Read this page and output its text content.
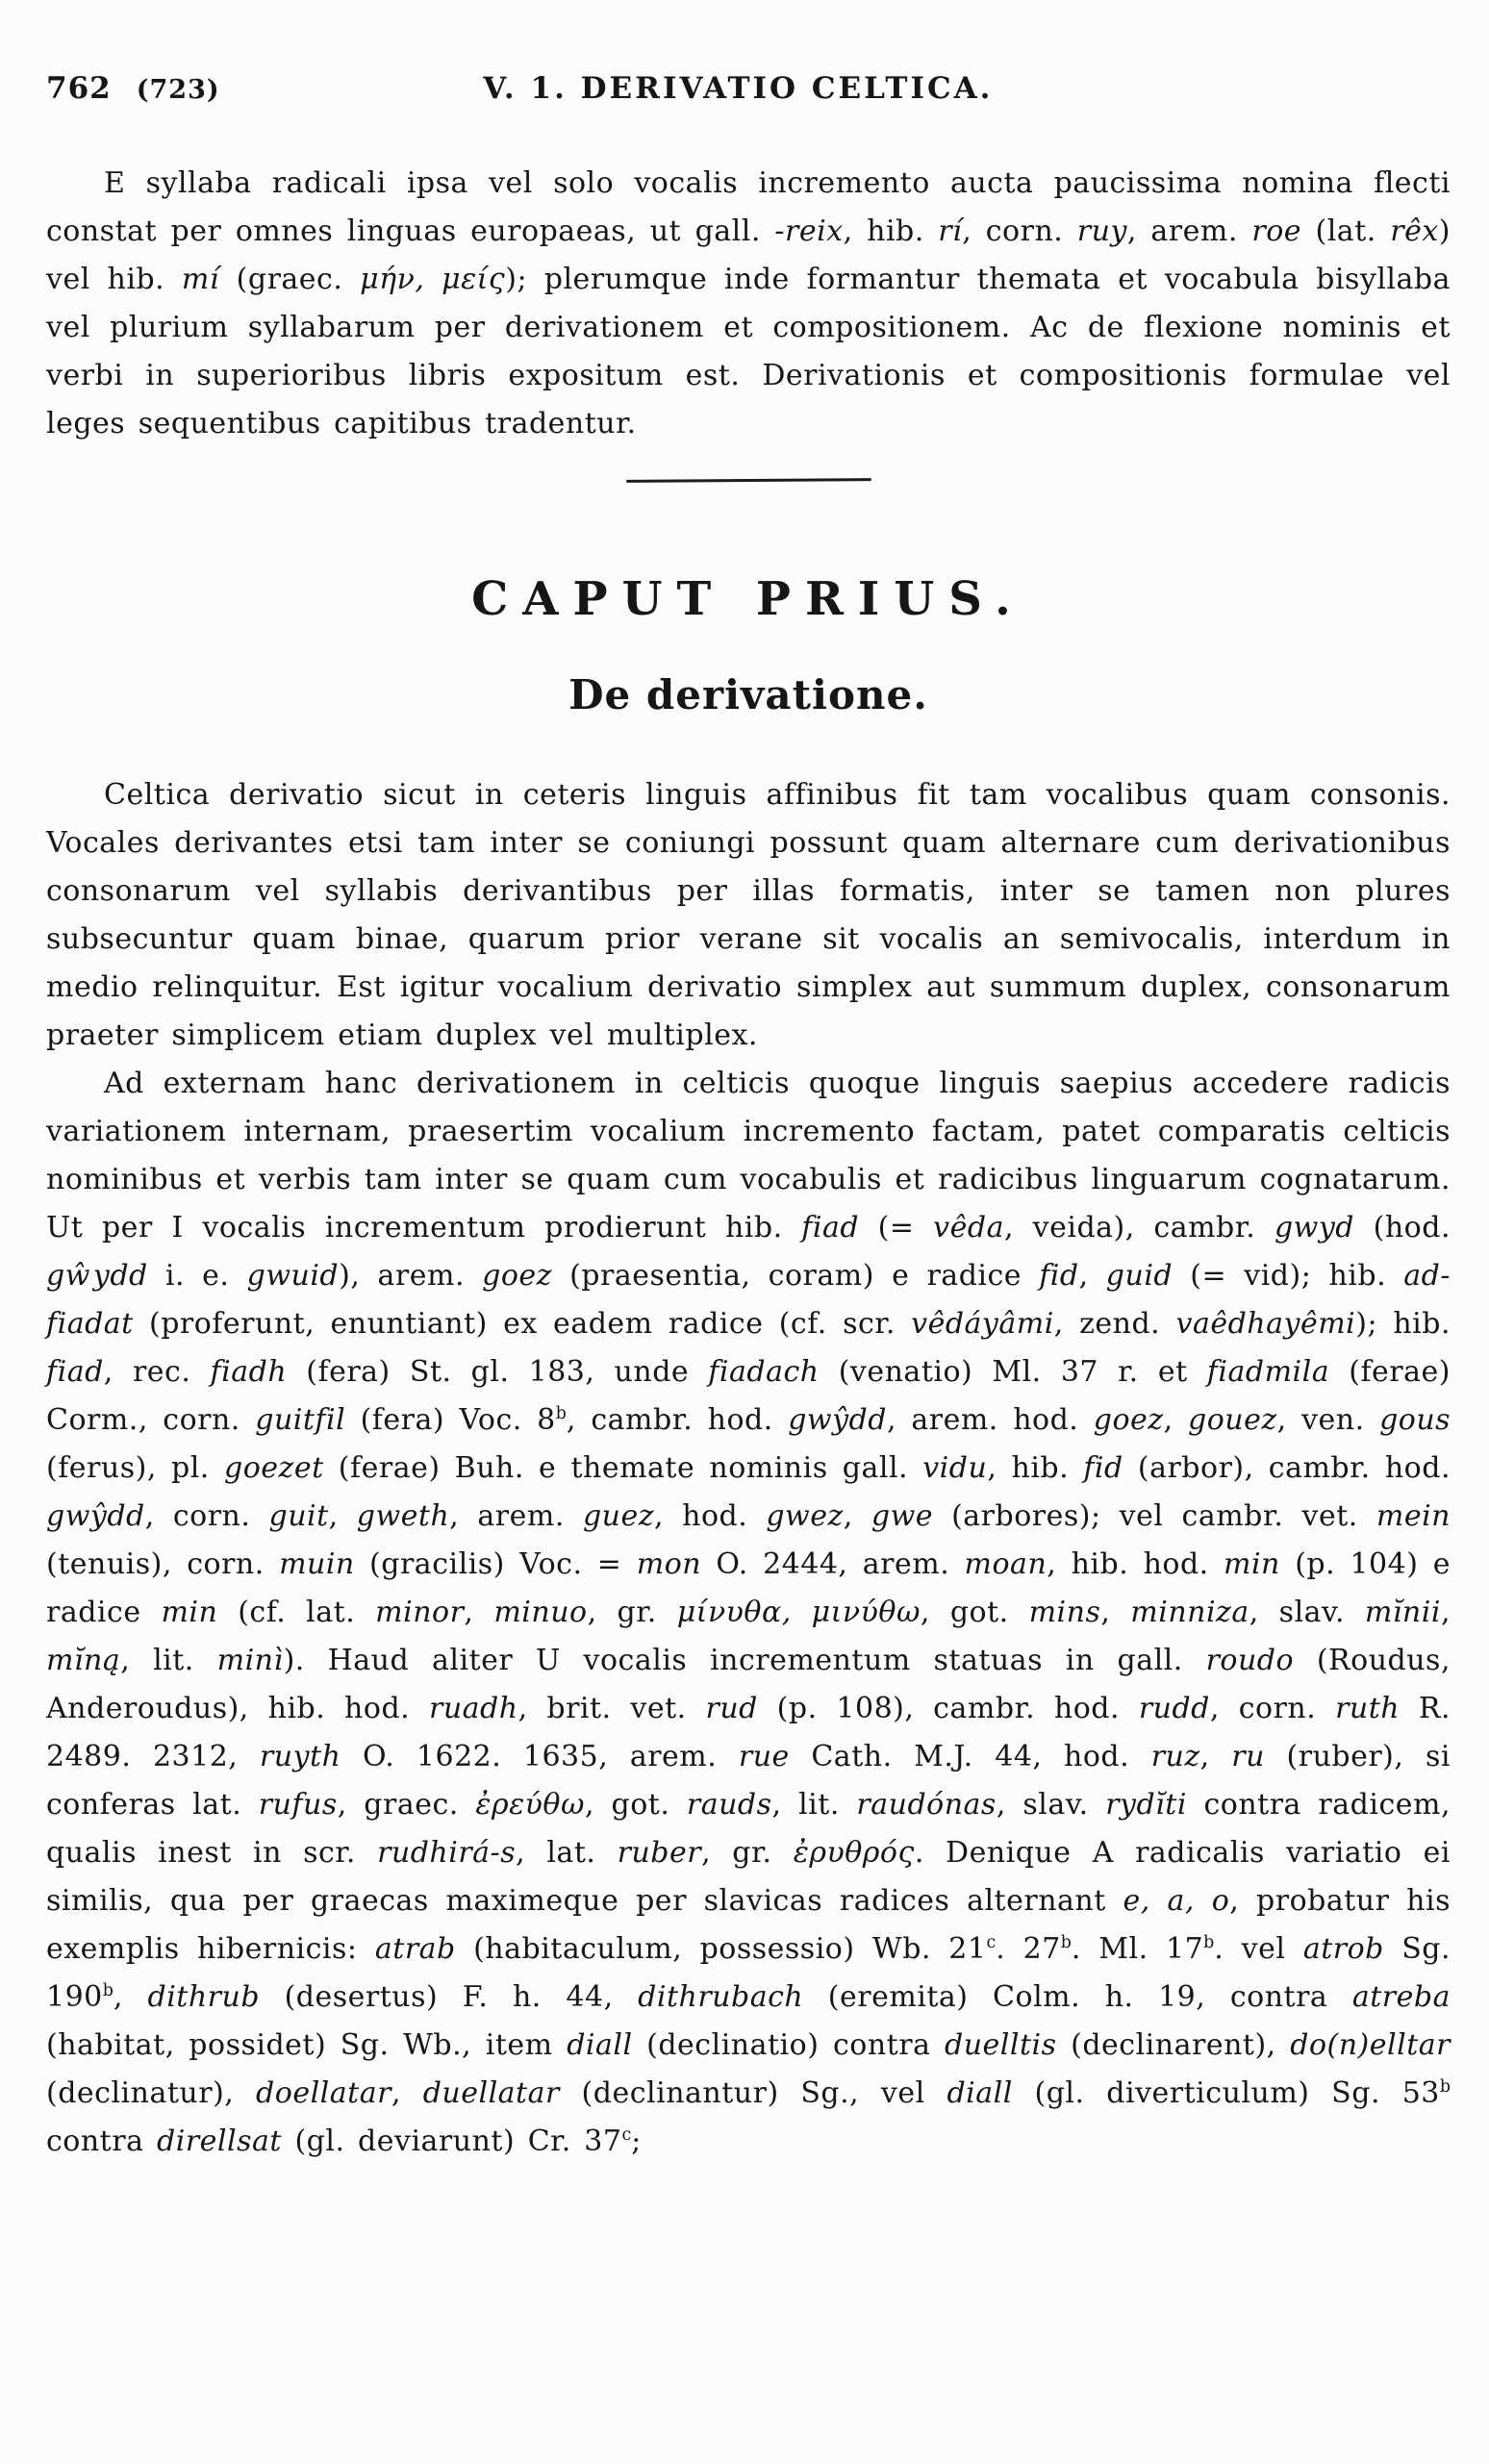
762 (723)	V. 1. DERIVATIO CELTICA.

E syllaba radicali ipsa vel solo vocalis incremento aucta paucissima nomina flecti constat per omnes linguas europaeas, ut gall. -reix, hib. rí, corn. ruy, arem. roe (lat. rêx) vel hib. mí (graec. μήν, μείς); plerumque inde formantur themata et vocabula bisyllaba vel plurium syllabarum per derivationem et compositionem. Ac de flexione nominis et verbi in superioribus libris expositum est. Derivationis et compositionis formulae vel leges sequentibus capitibus tradentur.

CAPUT PRIUS.
De derivatione.

Celtica derivatio sicut in ceteris linguis affinibus fit tam vocalibus quam consonis. Vocales derivantes etsi tam inter se coniungi possunt quam alternare cum derivationibus consonarum vel syllabis derivantibus per illas formatis, inter se tamen non plures subsecuntur quam binae, quarum prior verane sit vocalis an semivocalis, interdum in medio relinquitur. Est igitur vocalium derivatio simplex aut summum duplex, consonarum praeter simplicem etiam duplex vel multiplex.

Ad externam hanc derivationem in celticis quoque linguis saepius accedere radicis variationem internam, praesertim vocalium incremento factam, patet comparatis celticis nominibus et verbis tam inter se quam cum vocabulis et radicibus linguarum cognatarum. Ut per I vocalis incrementum prodierunt hib. fiad (= vêda, veida), cambr. gwyd (hod. gŵydd i. e. gwuid), arem. goez (praesentia, coram) e radice fid, guid (= vid); hib. ad-fiadat (proferunt, enuntiant) ex eadem radice (cf. scr. vêdáyâmi, zend. vaêdhayêmi); hib. fiad, rec. fiadh (fera) St. gl. 183, unde fiadach (venatio) Ml. 37 r. et fiadmila (ferae) Corm., corn. guitfil (fera) Voc. 8$^b$, cambr. hod. gwŷdd, arem. hod. goez, gouez, ven. gous (ferus), pl. goezet (ferae) Buh. e themate nominis gall. vidu, hib. fid (arbor), cambr. hod. gwŷdd, corn. guit, gweth, arem. guez, hod. gwez, gwe (arbores); vel cambr. vet. mein (tenuis), corn. muin (gracilis) Voc. = mon O. 2444, arem. moan, hib. hod. min (p. 104) e radice min (cf. lat. minor, minuo, gr. μίνυθα, μινύθω, got. mins, minniza, slav. mĭnii, mĭną, lit. minì). Haud aliter U vocalis incrementum statuas in gall. roudo (Roudus, Anderoudus), hib. hod. ruadh, brit. vet. rud (p. 108), cambr. hod. rudd, corn. ruth R. 2489. 2312, ruyth O. 1622. 1635, arem. rue Cath. M.J. 44, hod. ruz, ru (ruber), si conferas lat. rufus, graec. ἐρεύθω, got. rauds, lit. raudónas, slav. rydĭti contra radicem, qualis inest in scr. rudhirá-s, lat. ruber, gr. ἐρυθρός. Denique A radicalis variatio ei similis, qua per graecas maximeque per slavicas radices alternant e, a, o, probatur his exemplis hibernicis: atrab (habitaculum, possessio) Wb. 21$^c$. 27$^b$. Ml. 17$^b$. vel atrob Sg. 190$^b$, dithrub (desertus) F. h. 44, dithrubach (eremita) Colm. h. 19, contra atreba (habitat, possidet) Sg. Wb., item diall (declinatio) contra duelltis (declinarent), do(n)elltar (declinatur), doellatar, duellatar (declinantur) Sg., vel diall (gl. diverticulum) Sg. 53$^b$ contra direllsat (gl. deviarunt) Cr. 37$^c$;
